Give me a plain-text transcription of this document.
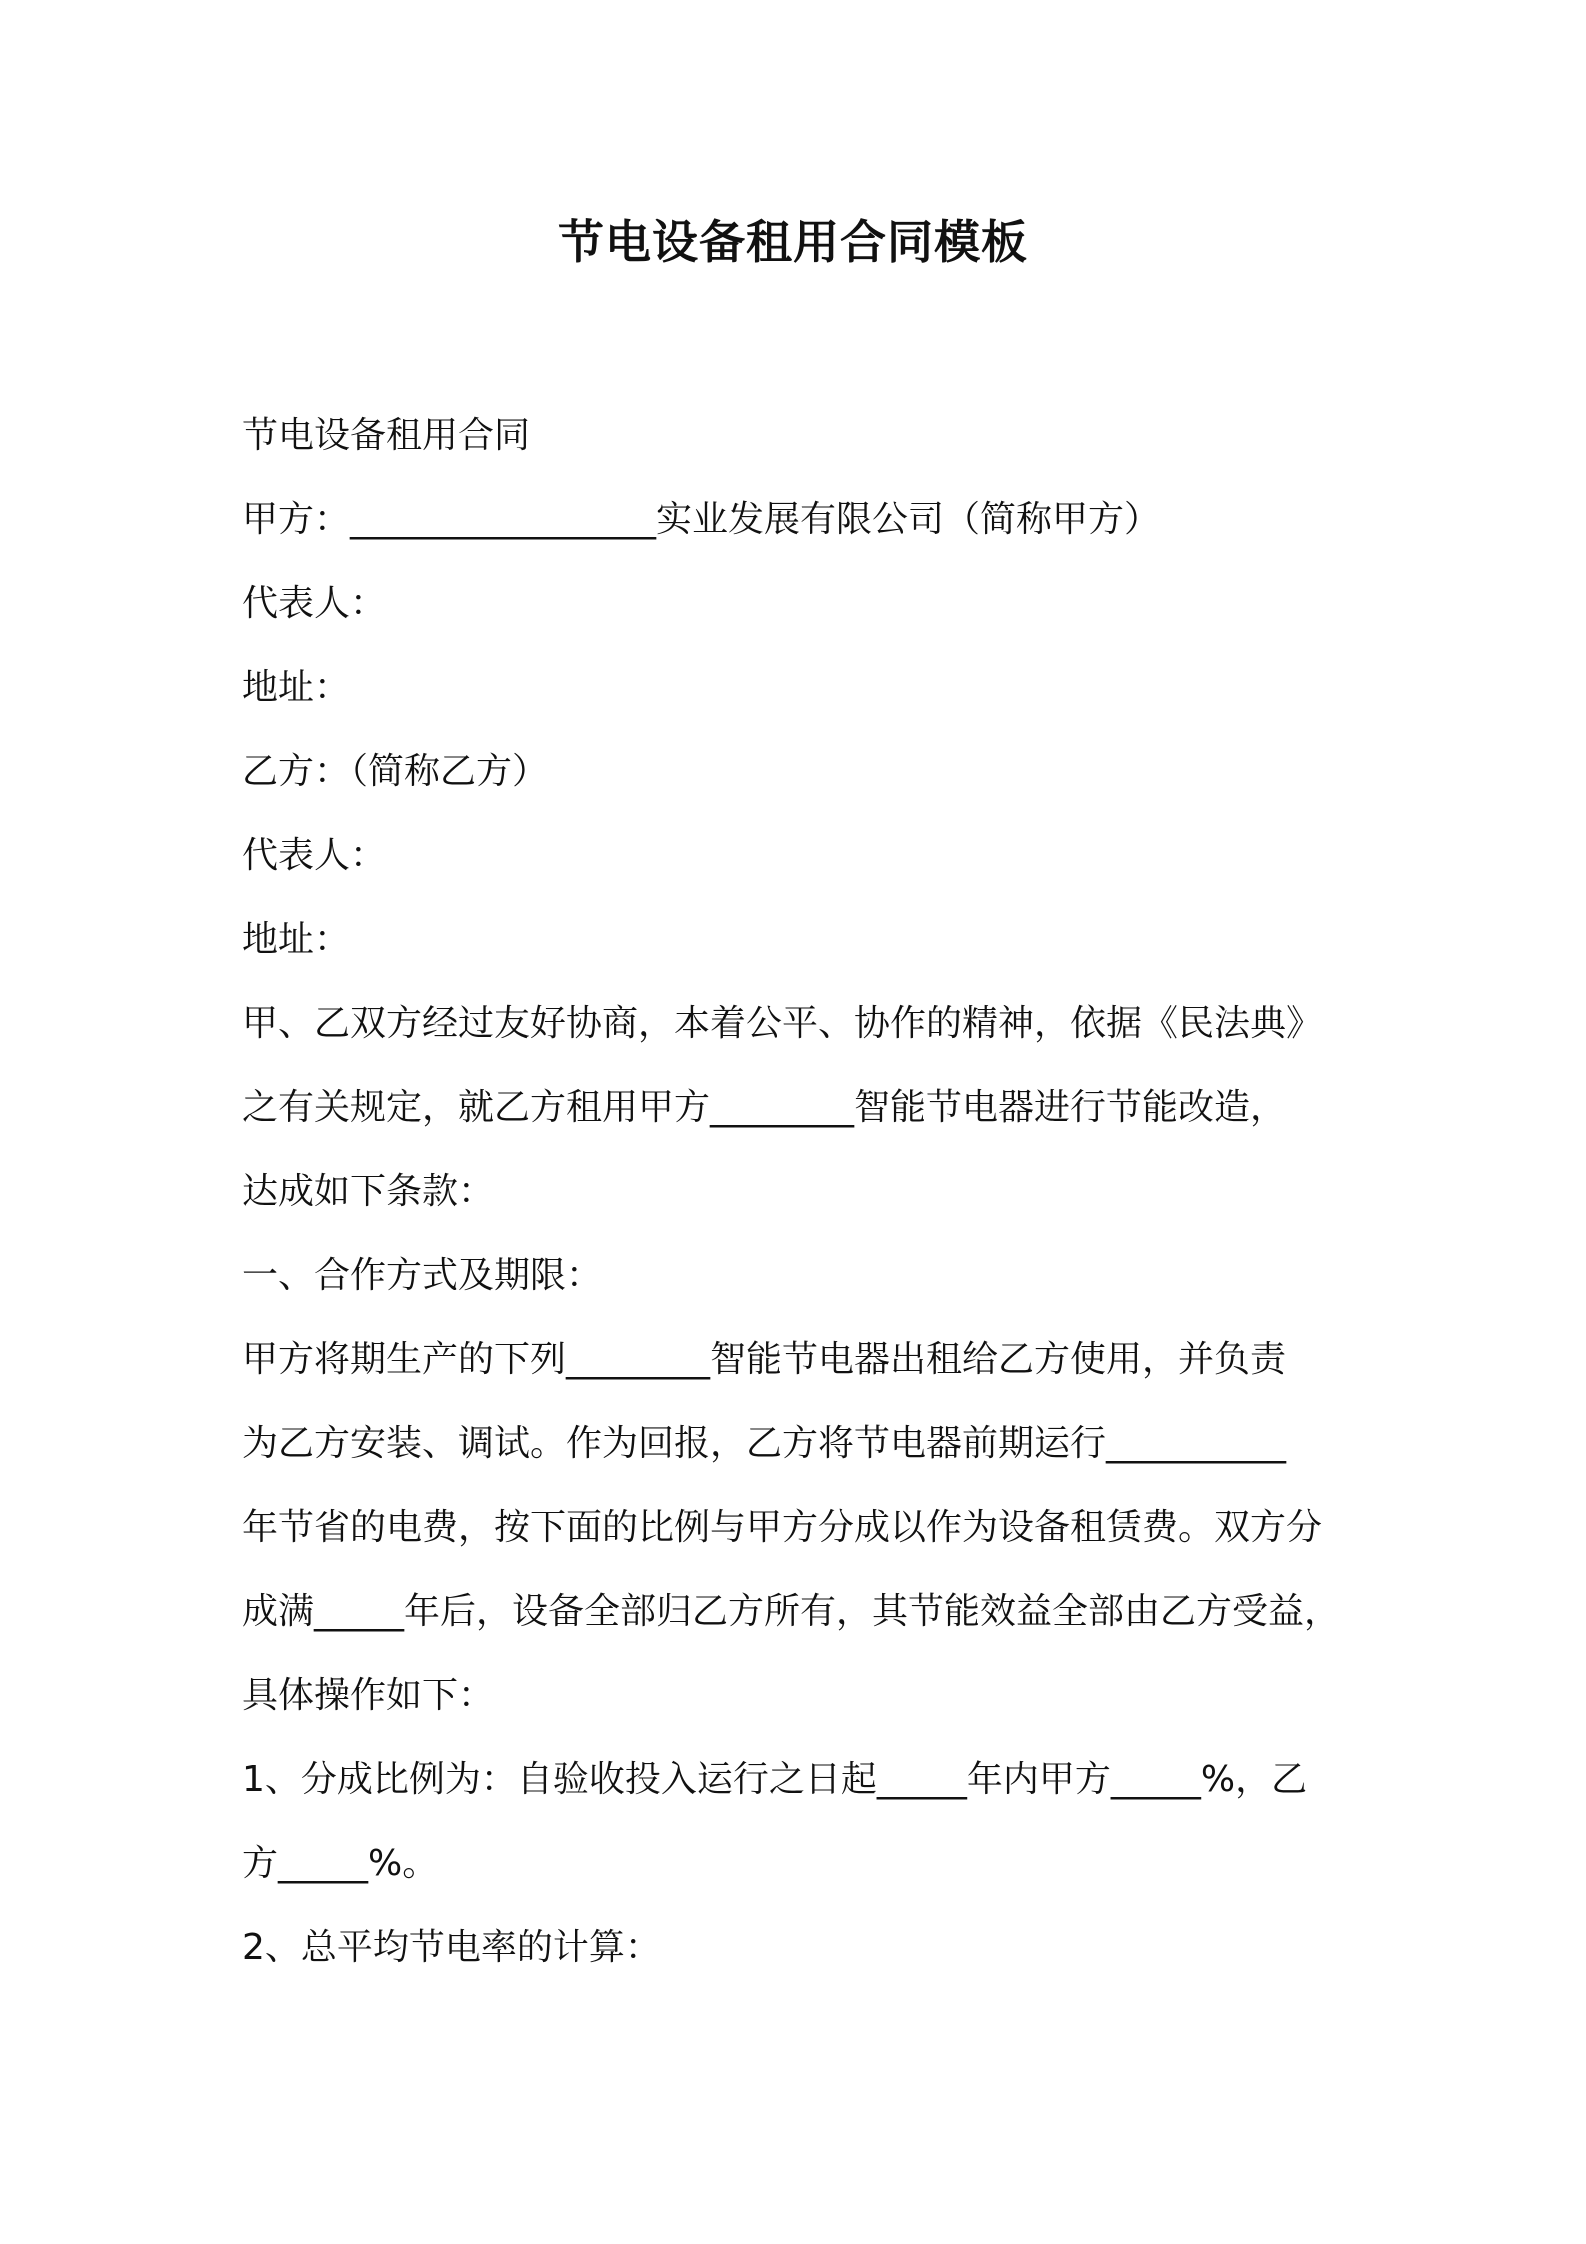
节电设备租用合同模板
节电设备租用合同
甲方：_________________实业发展有限公司（简称甲方）
代表人：
地址：
乙方：（简称乙方）
代表人：
地址：
甲、乙双方经过友好协商，本着公平、协作的精神，依据《民法典》
之有关规定，就乙方租用甲方________智能节电器进行节能改造，
达成如下条款：
一、合作方式及期限：
甲方将期生产的下列________智能节电器出租给乙方使用，并负责
为乙方安装、调试。作为回报，乙方将节电器前期运行__________
年节省的电费，按下面的比例与甲方分成以作为设备租赁费。双方分
成满_____年后，设备全部归乙方所有，其节能效益全部由乙方受益，
具体操作如下：
1、分成比例为：自验收投入运行之日起_____年内甲方_____%，乙
方_____%。
2、总平均节电率的计算：
